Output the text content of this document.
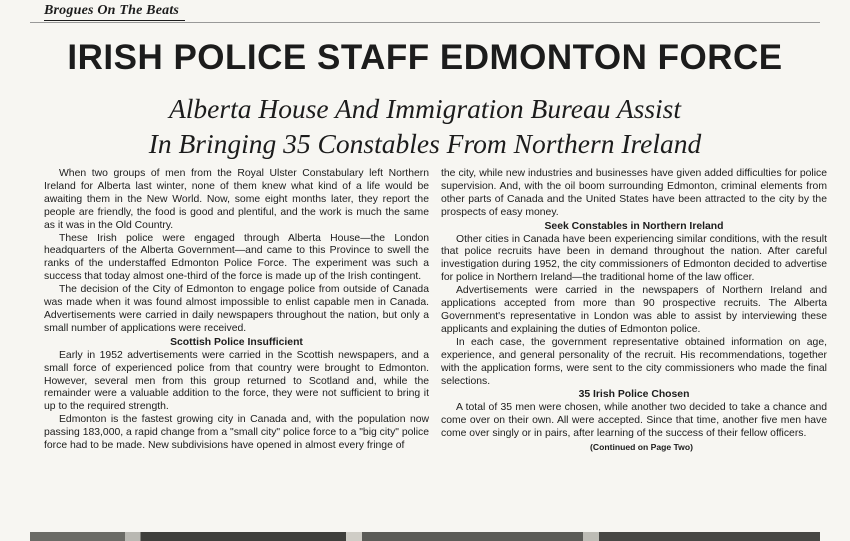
Brogues On The Beats
IRISH POLICE STAFF EDMONTON FORCE
Alberta House And Immigration Bureau Assist
In Bringing 35 Constables From Northern Ireland

When two groups of men from the Royal Ulster Constabulary left Northern Ireland for Alberta last winter, none of them knew what kind of a life would be awaiting them in the New World. Now, some eight months later, they report the people are friendly, the food is good and plentiful, and the work is much the same as it was in the Old Country.

These Irish police were engaged through Alberta House—the London headquarters of the Alberta Government—and came to this Province to swell the ranks of the understaffed Edmonton Police Force. The experiment was such a success that today almost one-third of the force is made up of the Irish contingent.

The decision of the City of Edmonton to engage police from outside of Canada was made when it was found almost impossible to enlist capable men in Canada. Advertisements were carried in daily newspapers throughout the nation, but only a small number of applications were received.

Scottish Police Insufficient

Early in 1952 advertisements were carried in the Scottish newspapers, and a small force of experienced police from that country were brought to Edmonton. However, several men from this group returned to Scotland and, while the remainder were a valuable addition to the force, they were not sufficient to bring it up to the required strength.

Edmonton is the fastest growing city in Canada and, with the population now passing 183,000, a rapid change from a "small city" police force to a "big city" police force had to be made. New subdivisions have opened in almost every fringe of

the city, while new industries and businesses have given added difficulties for police supervision. And, with the oil boom surrounding Edmonton, criminal elements from other parts of Canada and the United States have been attracted to the city by the prospects of easy money.

Seek Constables in Northern Ireland

Other cities in Canada have been experiencing similar conditions, with the result that police recruits have been in demand throughout the nation. After careful investigation during 1952, the city commissioners of Edmonton decided to advertise for police in Northern Ireland—the traditional home of the law officer.

Advertisements were carried in the newspapers of Northern Ireland and applications accepted from more than 90 prospective recruits. The Alberta Government's representative in London was able to assist by interviewing these applicants and explaining the duties of Edmonton police.

In each case, the government representative obtained information on age, experience, and general personality of the recruit. His recommendations, together with the application forms, were sent to the city commissioners who made the final selections.

35 Irish Police Chosen

A total of 35 men were chosen, while another two decided to take a chance and come over on their own. All were accepted. Since that time, another five men have come over singly or in pairs, after learning of the success of their fellow officers.

(Continued on Page Two)
